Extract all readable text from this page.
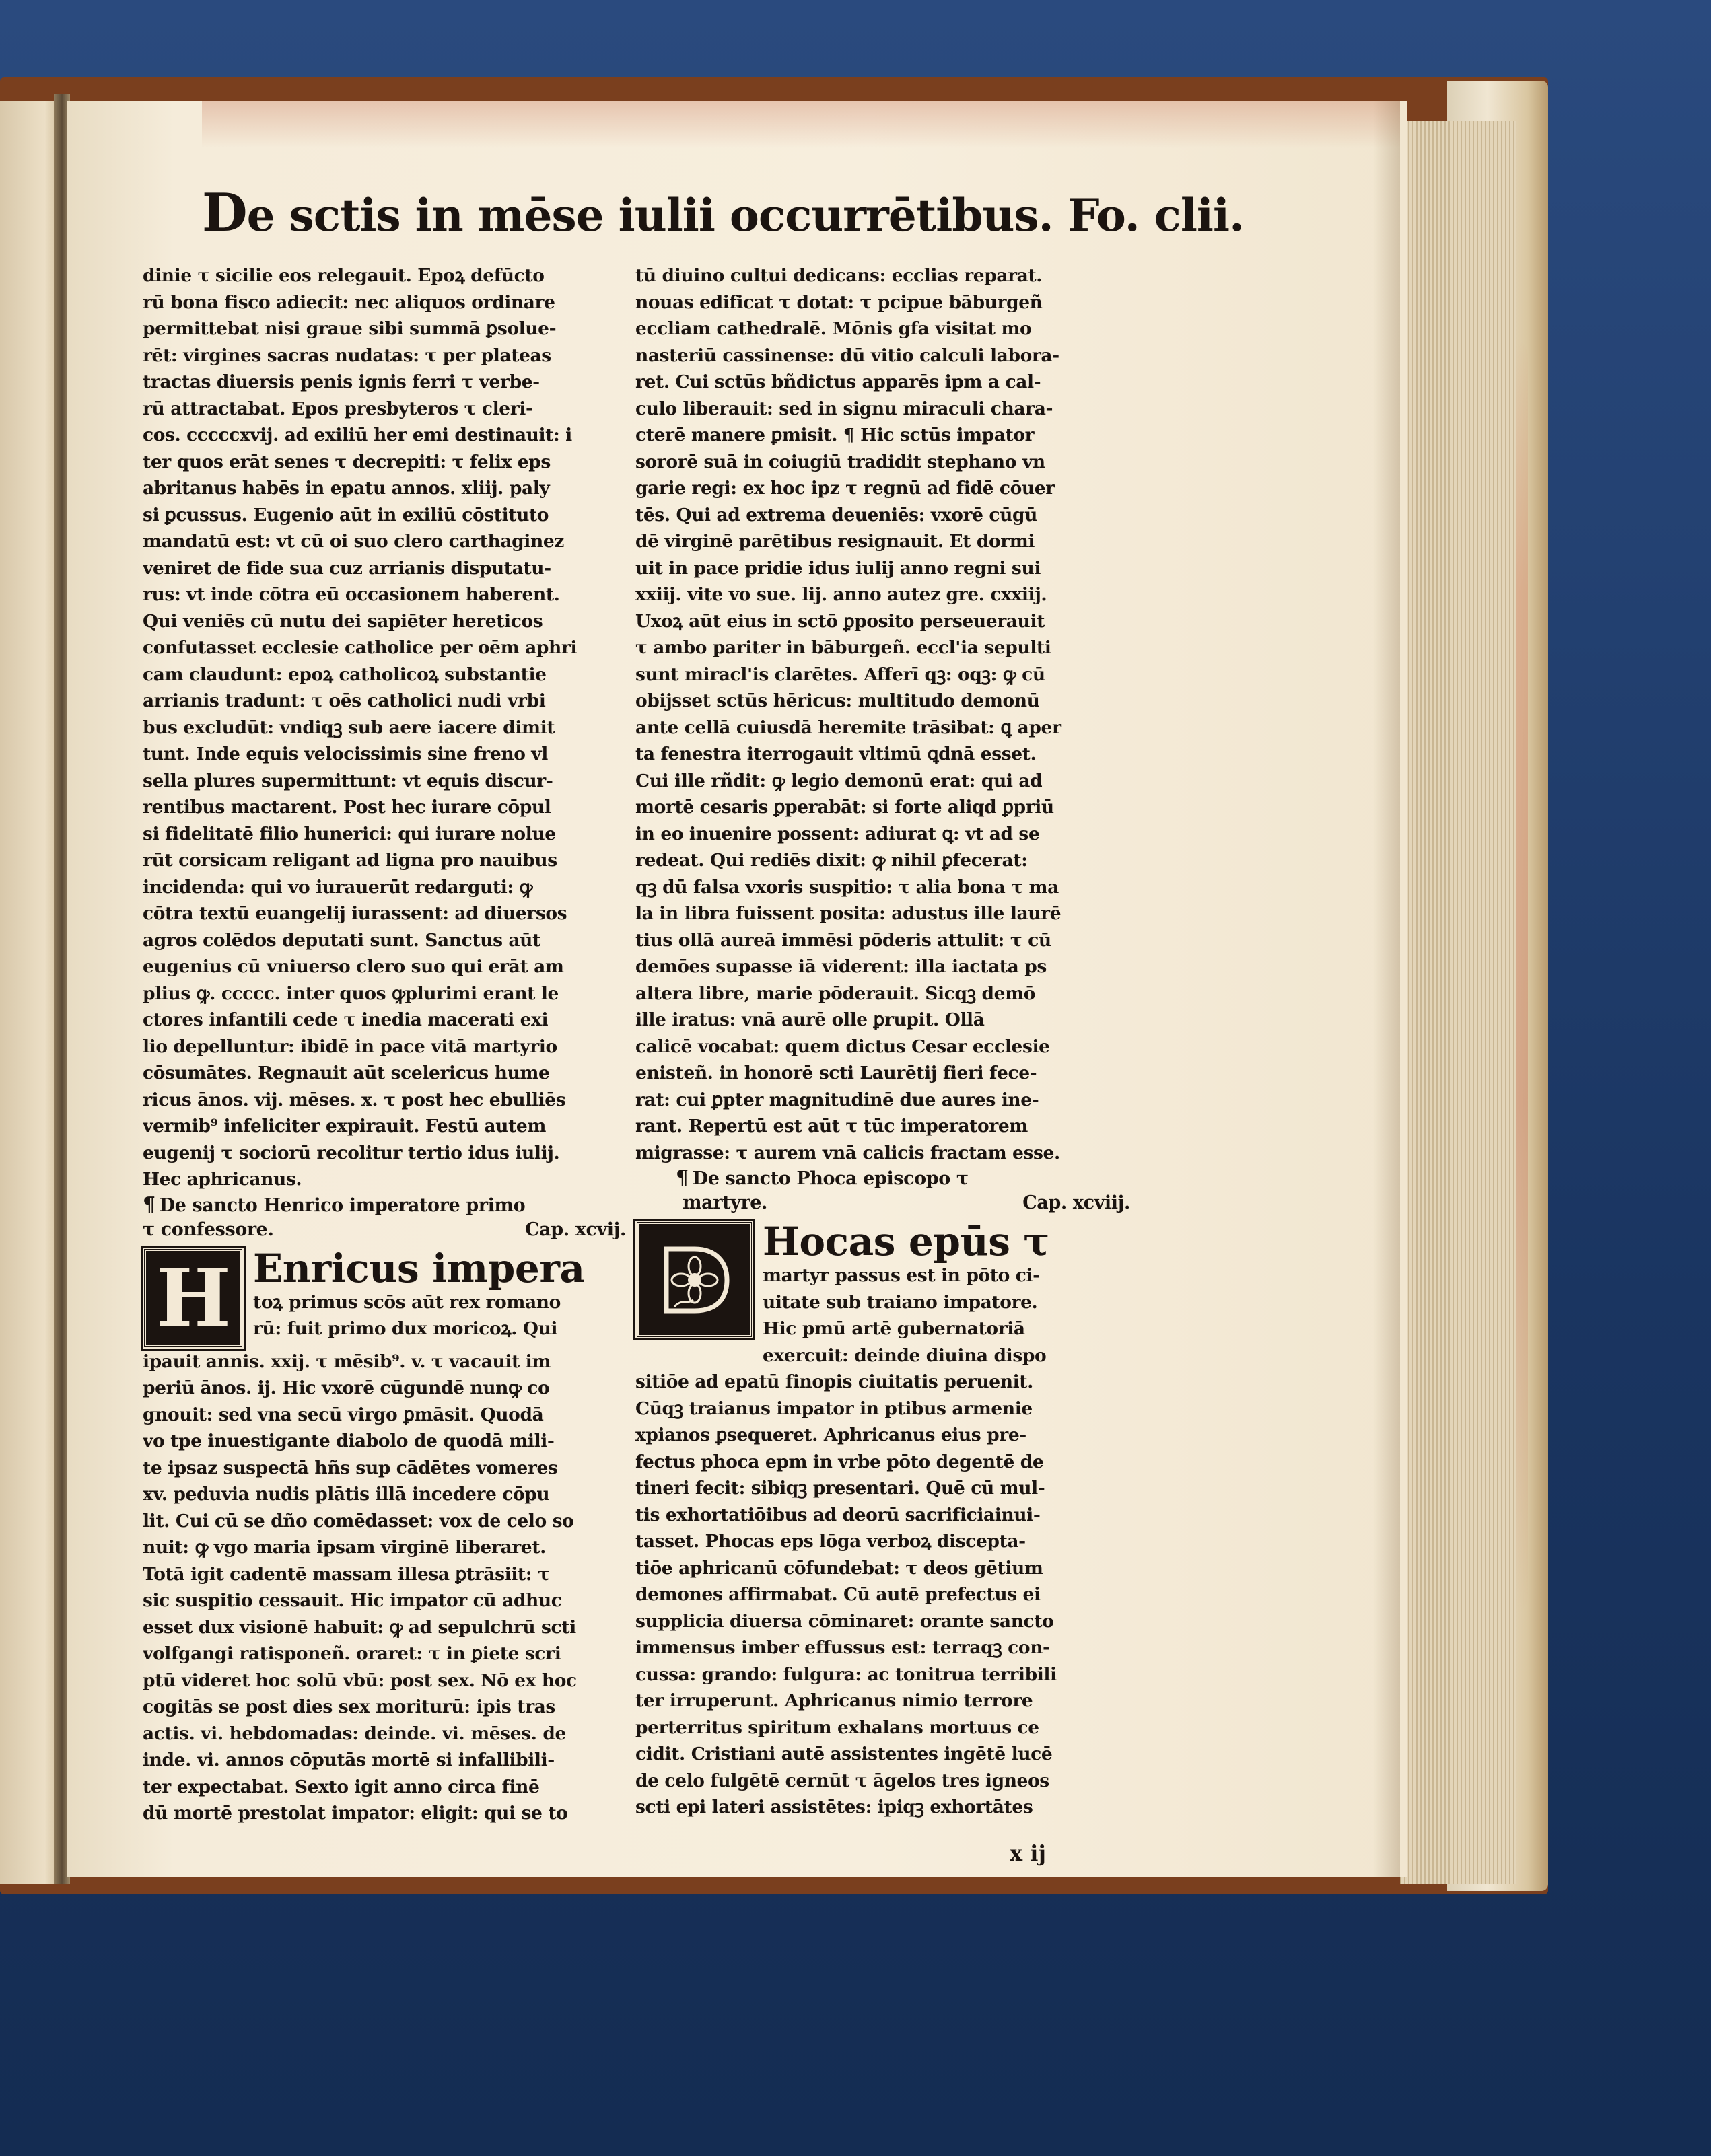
De sctis in mēse iulii occurrētibus. Fo. clii.

dinie τ sicilie eos relegauit. Epoꝝ defūcto

rū bona fisco adiecit: nec aliquos ordinare

permittebat nisi graue sibi summā ꝑsolue-

rēt: virgines sacras nudatas: τ per plateas

tractas diuersis penis ignis ferri τ verbe-

rū attractabat. Epos presbyteros τ cleri-

cos. cccccxvij. ad exiliū her emi destinauit: i

ter quos erāt senes τ decrepiti: τ felix eps

abritanus habēs in epatu annos. xliij. paly

si ꝑcussus. Eugenio aūt in exiliū cōstituto

mandatū est: vt cū oi suo clero carthaginez

veniret de fide sua cuz arrianis disputatu-

rus: vt inde cōtra eū occasionem haberent.

Qui veniēs cū nutu dei sapiēter hereticos

confutasset ecclesie catholice per oēm aphri

cam claudunt: epoꝝ catholicoꝝ substantie

arrianis tradunt: τ oēs catholici nudi vrbi

bus excludūt: vndiqꝫ sub aere iacere dimit

tunt. Inde equis velocissimis sine freno vl

sella plures supermittunt: vt equis discur-

rentibus mactarent. Post hec iurare cōpul

si fidelitatē filio hunerici: qui iurare nolue

rūt corsicam religant ad ligna pro nauibus

incidenda: qui vo iurauerūt redarguti: ꝙ

cōtra textū euangelij iurassent: ad diuersos

agros colēdos deputati sunt. Sanctus aūt

eugenius cū vniuerso clero suo qui erāt am

plius ꝙ. ccccc. inter quos ꝙplurimi erant le

ctores infantili cede τ inedia macerati exi

lio depelluntur: ibidē in pace vitā martyrio

cōsumātes. Regnauit aūt scelericus hume

ricus ānos. vij. mēses. x. τ post hec ebulliēs

vermib⁹ infeliciter expirauit. Festū autem

eugenij τ sociorū recolitur tertio idus iulij.

Hec aphricanus.

¶ De sancto Henrico imperatore primo

τ confessore.	Cap. xcvij.

H Enricus impera

toꝝ primus scōs aūt rex romano

rū: fuit primo dux moricoꝝ. Qui

ipauit annis. xxij. τ mēsib⁹. v. τ vacauit im

periū ānos. ij. Hic vxorē cūgundē nunꝙ co

gnouit: sed vna secū virgo ꝑmāsit. Quodā

vo tpe inuestigante diabolo de quodā mili-

te ipsaz suspectā hñs sup cādētes vomeres

xv. peduvia nudis plātis illā incedere cōpu

lit. Cui cū se dño comēdasset: vox de celo so

nuit: ꝙ vgo maria ipsam virginē liberaret.

Totā igit cadentē massam illesa ꝑtrāsiit: τ

sic suspitio cessauit. Hic impator cū adhuc

esset dux visionē habuit: ꝙ ad sepulchrū scti

volfgangi ratisponeñ. oraret: τ in ꝑiete scri

ptū videret hoc solū vbū: post sex. Nō ex hoc

cogitās se post dies sex moriturū: ipis tras

actis. vi. hebdomadas: deinde. vi. mēses. de

inde. vi. annos cōputās mortē si infallibili-

ter expectabat. Sexto igit anno circa finē

dū mortē prestolat impator: eligit: qui se to

tū diuino cultui dedicans: ecclias reparat.

nouas edificat τ dotat: τ pcipue bāburgeñ

eccliam cathedralē. Mōnis gfa visitat mo

nasteriū cassinense: dū vitio calculi labora-

ret. Cui sctūs bñdictus apparēs ipm a cal-

culo liberauit: sed in signu miraculi chara-

cterē manere ꝑmisit. ¶ Hic sctūs impator

sororē suā in coiugiū tradidit stephano vn

garie regi: ex hoc ipz τ regnū ad fidē cōuer

tēs. Qui ad extrema deueniēs: vxorē cūgū

dē virginē parētibus resignauit. Et dormi

uit in pace pridie idus iulij anno regni sui

xxiij. vite vo sue. lij. anno autez gre. cxxiij.

Uxoꝝ aūt eius in sctō ꝑposito perseuerauit

τ ambo pariter in bāburgeñ. eccl'ia sepulti

sunt miracl'is clarētes. Afferī qꝫ: oqꝫ: ꝙ cū

obijsset sctūs hēricus: multitudo demonū

ante cellā cuiusdā heremite trāsibat: ꝗ aper

ta fenestra iterrogauit vltimū ꝗdnā esset.

Cui ille rñdit: ꝙ legio demonū erat: qui ad

mortē cesaris ꝑperabāt: si forte aliqd ꝑpriū

in eo inuenire possent: adiurat ꝗ: vt ad se

redeat. Qui rediēs dixit: ꝙ nihil ꝑfecerat:

qꝫ dū falsa vxoris suspitio: τ alia bona τ ma

la in libra fuissent posita: adustus ille laurē

tius ollā aureā immēsi pōderis attulit: τ cū

demōes supasse iā viderent: illa iactata ps

altera libre, marie pōderauit. Sicqꝫ demō

ille iratus: vnā aurē olle ꝑrupit. Ollā

calicē vocabat: quem dictus Cesar ecclesie

enisteñ. in honorē scti Laurētij fieri fece-

rat: cui ꝑpter magnitudinē due aures ine-

rant. Repertū est aūt τ tūc imperatorem

migrasse: τ aurem vnā calicis fractam esse.

¶ De sancto Phoca episcopo τ

martyre.	Cap. xcviij.

Hocas epūs τ

martyr passus est in pōto ci-

uitate sub traiano impatore.

Hic pmū artē gubernatoriā

exercuit: deinde diuina dispo

sitiōe ad epatū finopis ciuitatis peruenit.

Cūqꝫ traianus impator in ptibus armenie

xpianos ꝑsequeret. Aphricanus eius pre-

fectus phoca epm in vrbe pōto degentē de

tineri fecit: sibiqꝫ presentari. Quē cū mul-

tis exhortatiōibus ad deorū sacrificiainui-

tasset. Phocas eps lōga verboꝝ discepta-

tiōe aphricanū cōfundebat: τ deos gētium

demones affirmabat. Cū autē prefectus ei

supplicia diuersa cōminaret: orante sancto

immensus imber effussus est: terraqꝫ con-

cussa: grando: fulgura: ac tonitrua terribili

ter irruperunt. Aphricanus nimio terrore

perterritus spiritum exhalans mortuus ce

cidit. Cristiani autē assistentes ingētē lucē

de celo fulgētē cernūt τ āgelos tres igneos

scti epi lateri assistētes: ipiqꝫ exhortātes

x ij
